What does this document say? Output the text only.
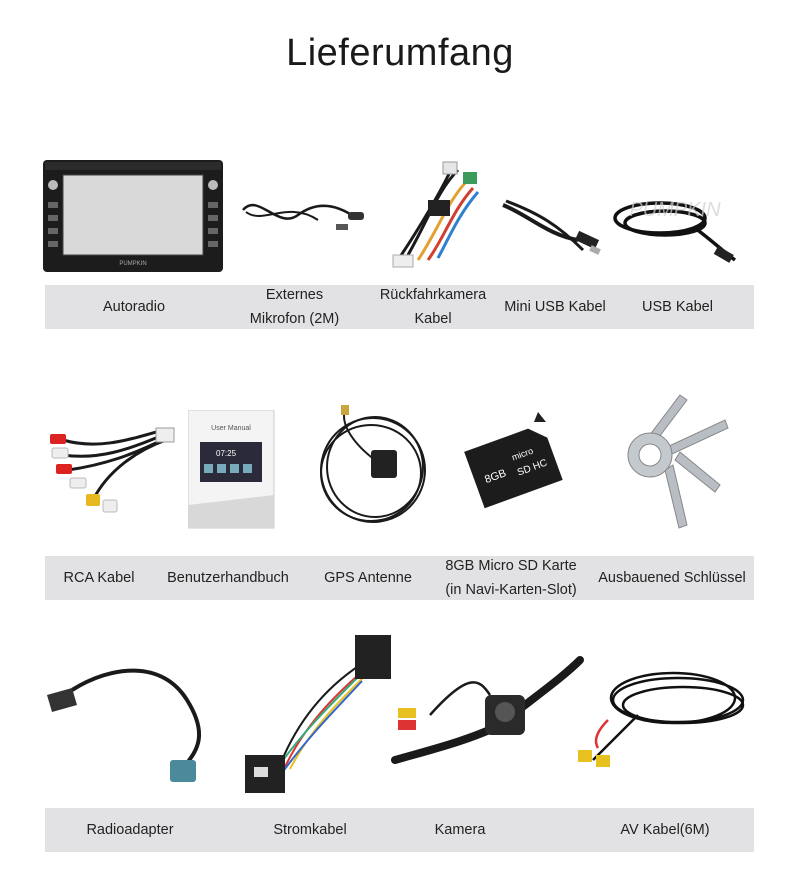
Lieferumfang
PUMPKIN
PUMPKIN
Autoradio
Externes
Mikrofon (2M)
Rückfahrkamera
Kabel
Mini USB Kabel	USB Kabel
User Manual
07:25
8GB
micro
SD HC
RCA Kabel	Benutzerhandbuch	GPS Antenne
8GB Micro SD Karte
(in Navi-Karten-Slot)
Ausbauened Schlüssel
Radioadapter	Stromkabel	Kamera	AV Kabel(6M)
